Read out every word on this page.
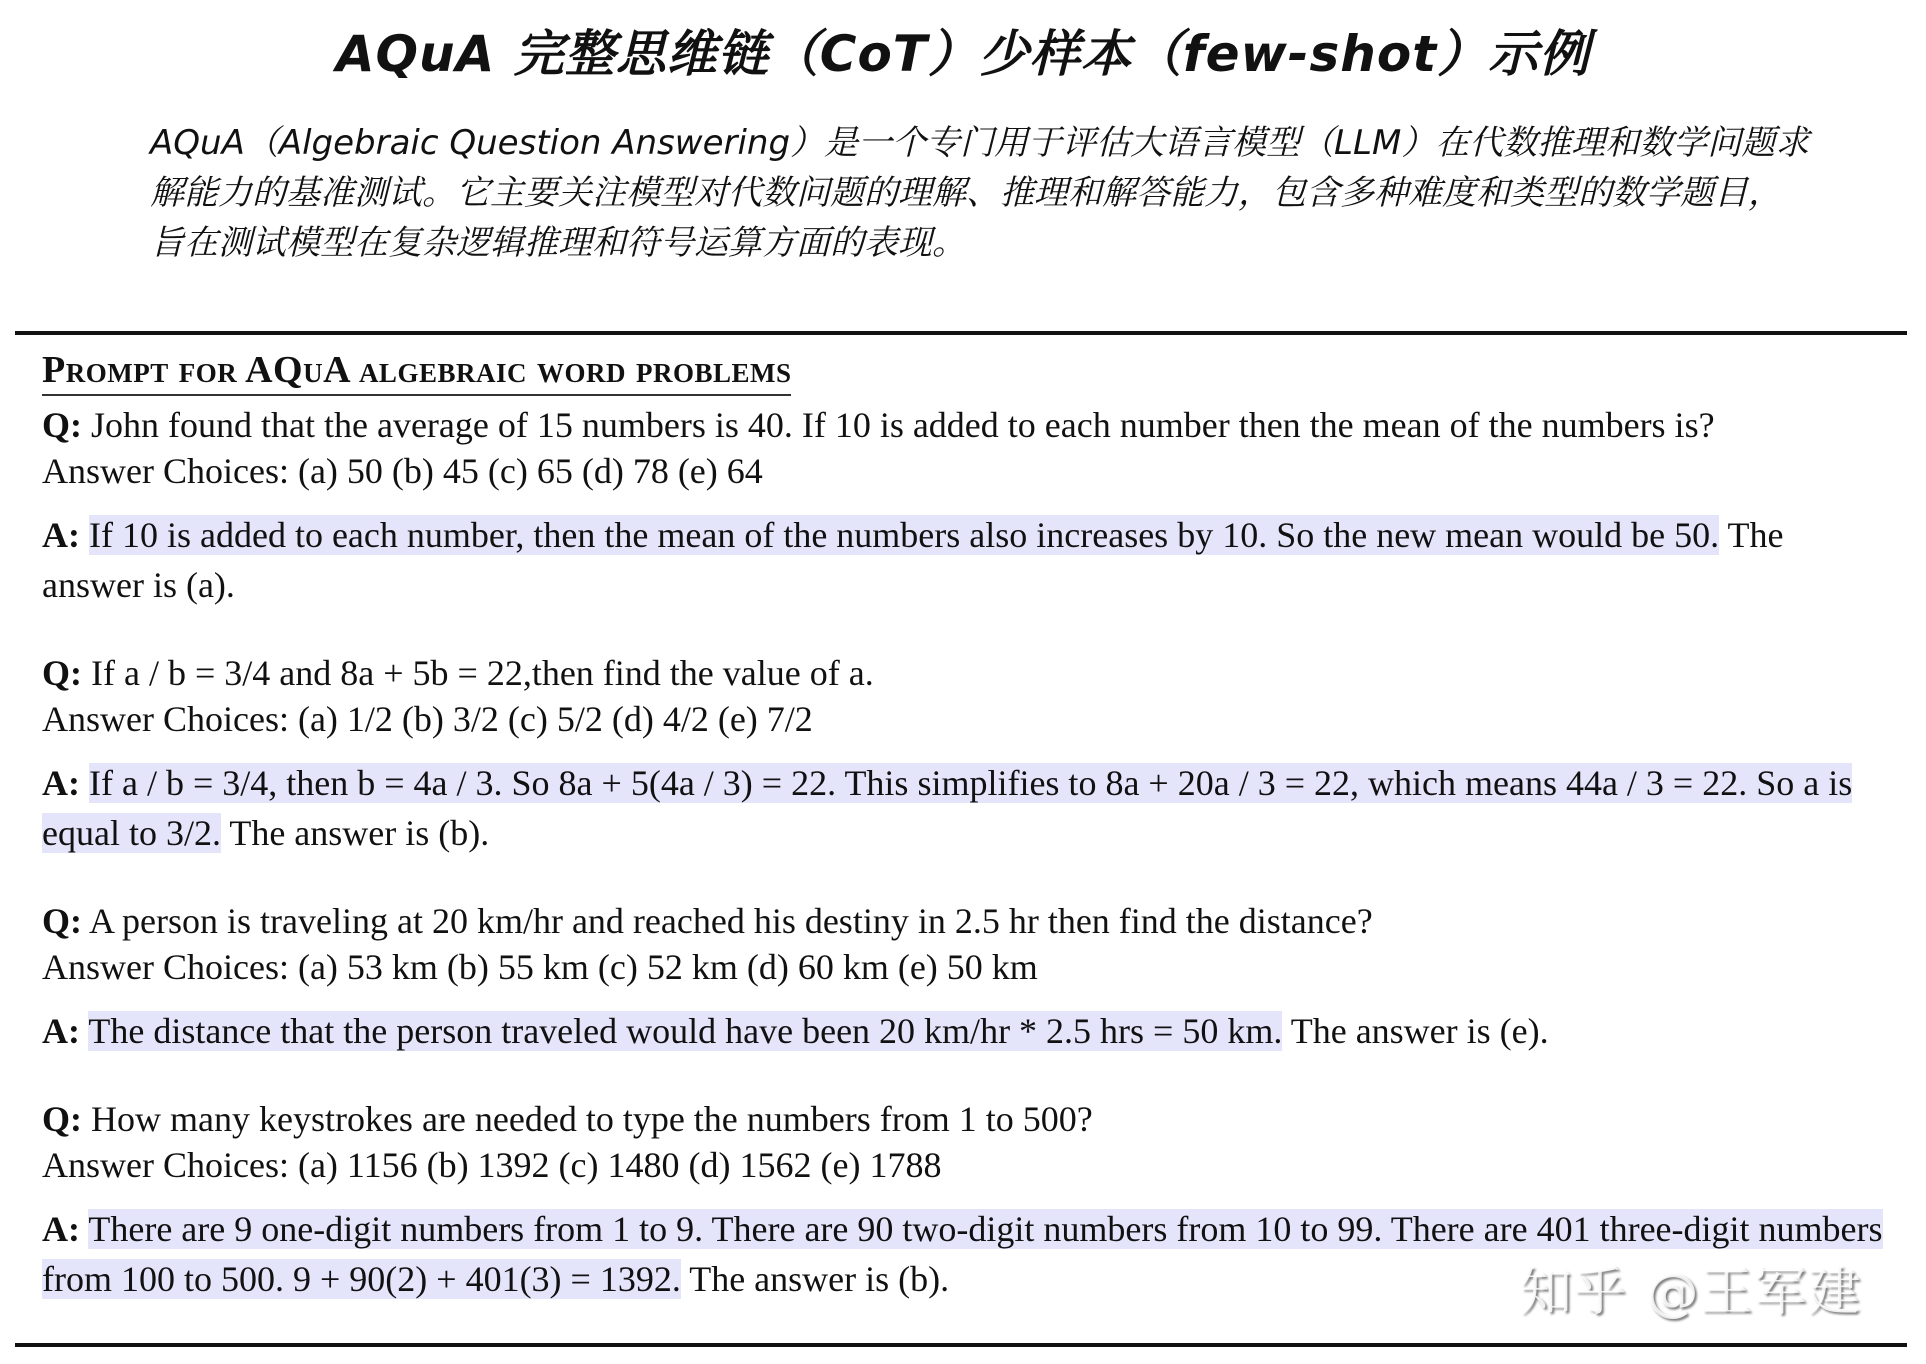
AQuA 完整思维链（CoT）少样本（few-shot）示例
AQuA（Algebraic Question Answering）是一个专门用于评估大语言模型（LLM）在代数推理和数学问题求解能力的基准测试。它主要关注模型对代数问题的理解、推理和解答能力，包含多种难度和类型的数学题目，旨在测试模型在复杂逻辑推理和符号运算方面的表现。
Prompt for AQuA algebraic word problems

Q: John found that the average of 15 numbers is 40. If 10 is added to each number then the mean of the numbers is?

Answer Choices: (a) 50 (b) 45 (c) 65 (d) 78 (e) 64

A: If 10 is added to each number, then the mean of the numbers also increases by 10. So the new mean would be 50. The answer is (a).

Q: If a / b = 3/4 and 8a + 5b = 22,then find the value of a.

Answer Choices: (a) 1/2 (b) 3/2 (c) 5/2 (d) 4/2 (e) 7/2

A: If a / b = 3/4, then b = 4a / 3. So 8a + 5(4a / 3) = 22. This simplifies to 8a + 20a / 3 = 22, which means 44a / 3 = 22. So a is equal to 3/2. The answer is (b).

Q: A person is traveling at 20 km/hr and reached his destiny in 2.5 hr then find the distance?

Answer Choices: (a) 53 km (b) 55 km (c) 52 km (d) 60 km (e) 50 km

A: The distance that the person traveled would have been 20 km/hr * 2.5 hrs = 50 km. The answer is (e).

Q: How many keystrokes are needed to type the numbers from 1 to 500?

Answer Choices: (a) 1156 (b) 1392 (c) 1480 (d) 1562 (e) 1788

A: There are 9 one-digit numbers from 1 to 9. There are 90 two-digit numbers from 10 to 99. There are 401 three-digit numbers from 100 to 500. 9 + 90(2) + 401(3) = 1392. The answer is (b).	知乎 @王军建
